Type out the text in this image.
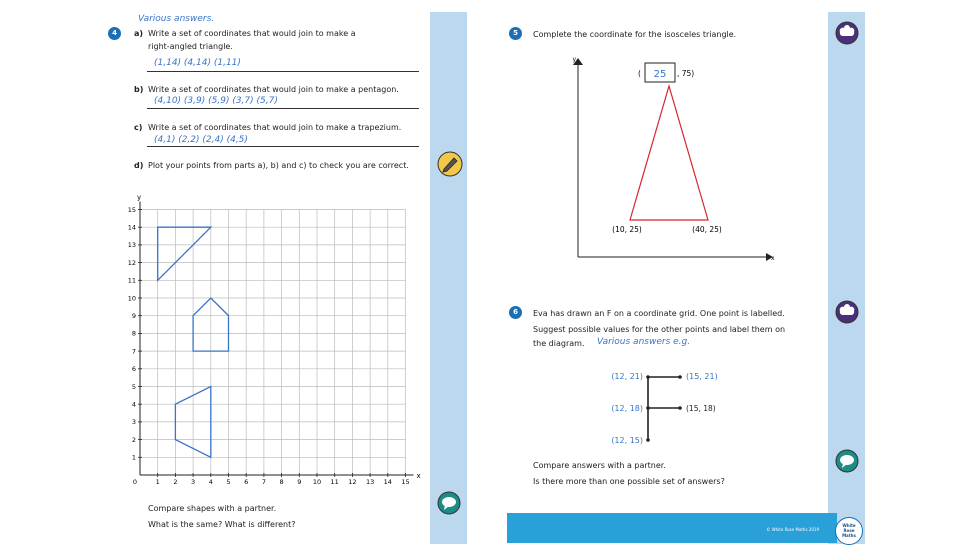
Various answers.
4	a) Write a set of coordinates that would join to make a
right-angled triangle.
(1,14) (4,14) (1,11)
b) Write a set of coordinates that would join to make a pentagon.
(4,10) (3,9) (5,9) (3,7) (5,7)
c) Write a set of coordinates that would join to make a trapezium.
(4,1) (2,2) (2,4) (4,5)
d) Plot your points from parts a), b) and c) to check you are correct.
x
y
0	1 2 3 4 5 6 7 8 9 10 11 12 13 14 15
1
2
3
4
5
6
7
8
9
10
11
12
13
14
15
Compare shapes with a partner.
What is the same? What is different?
5	Complete the coordinate for the isosceles triangle.
y
x
( 25 , 75)
(10, 25)	(40, 25)
6	Eva has drawn an F on a coordinate grid. One point is labelled.
Suggest possible values for the other points and label them on
the diagram. Various answers e.g.
(12, 21)	(15, 21)
(12, 18)	(15, 18)
(12, 15)
Compare answers with a partner.
Is there more than one possible set of answers?
© White Rose Maths 2019
White Rose Maths
